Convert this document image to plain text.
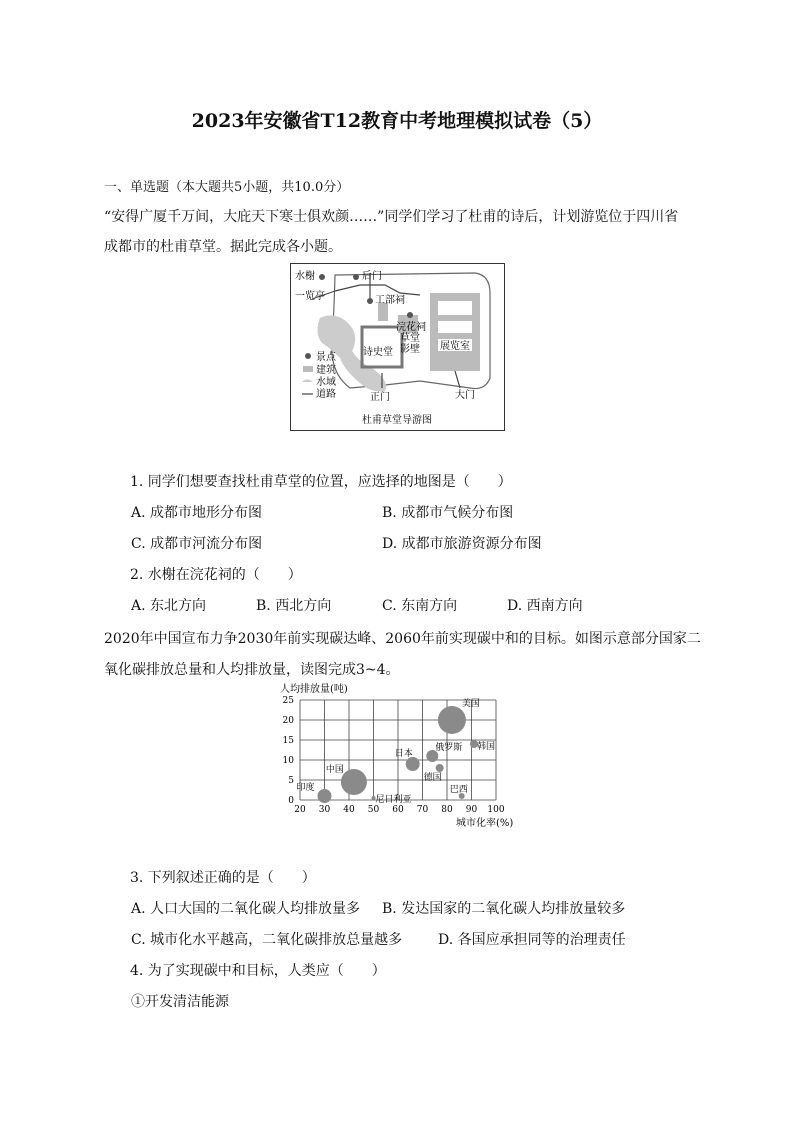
2023年安徽省T12教育中考地理模拟试卷（5）
一、单选题（本大题共5小题，共10.0分）
“安得广厦千万间，大庇天下寒士俱欢颜……”同学们学习了杜甫的诗后，计划游览位于四川省
成都市的杜甫草堂。据此完成各小题。
水榭	后门
一览亭	工部祠
浣花祠
草堂
影壁
诗史堂
展览室
正门	大门
景点
建筑
水域
道路
杜甫草堂导游图
1. 同学们想要查找杜甫草堂的位置，应选择的地图是（　　）
A. 成都市地形分布图	B. 成都市气候分布图
C. 成都市河流分布图	D. 成都市旅游资源分布图
2. 水榭在浣花祠的（　　）
A. 东北方向	B. 西北方向	C. 东南方向	D. 西南方向
2020年中国宣布力争2030年前实现碳达峰、2060年前实现碳中和的目标。如图示意部分国家二
氧化碳排放总量和人均排放量，读图完成3~4。
人均排放量(吨)
城市化率(%)
20 30 40 50 60 70 80 90 100
0
5
10
15
20
25	美国
中国
印度
日本
俄罗斯 韩国
德国
巴西
尼日利亚
3. 下列叙述正确的是（　　）
A. 人口大国的二氧化碳人均排放量多 B. 发达国家的二氧化碳人均排放量较多
C. 城市化水平越高，二氧化碳排放总量越多	D. 各国应承担同等的治理责任
4. 为了实现碳中和目标，人类应（　　）
①开发清洁能源
